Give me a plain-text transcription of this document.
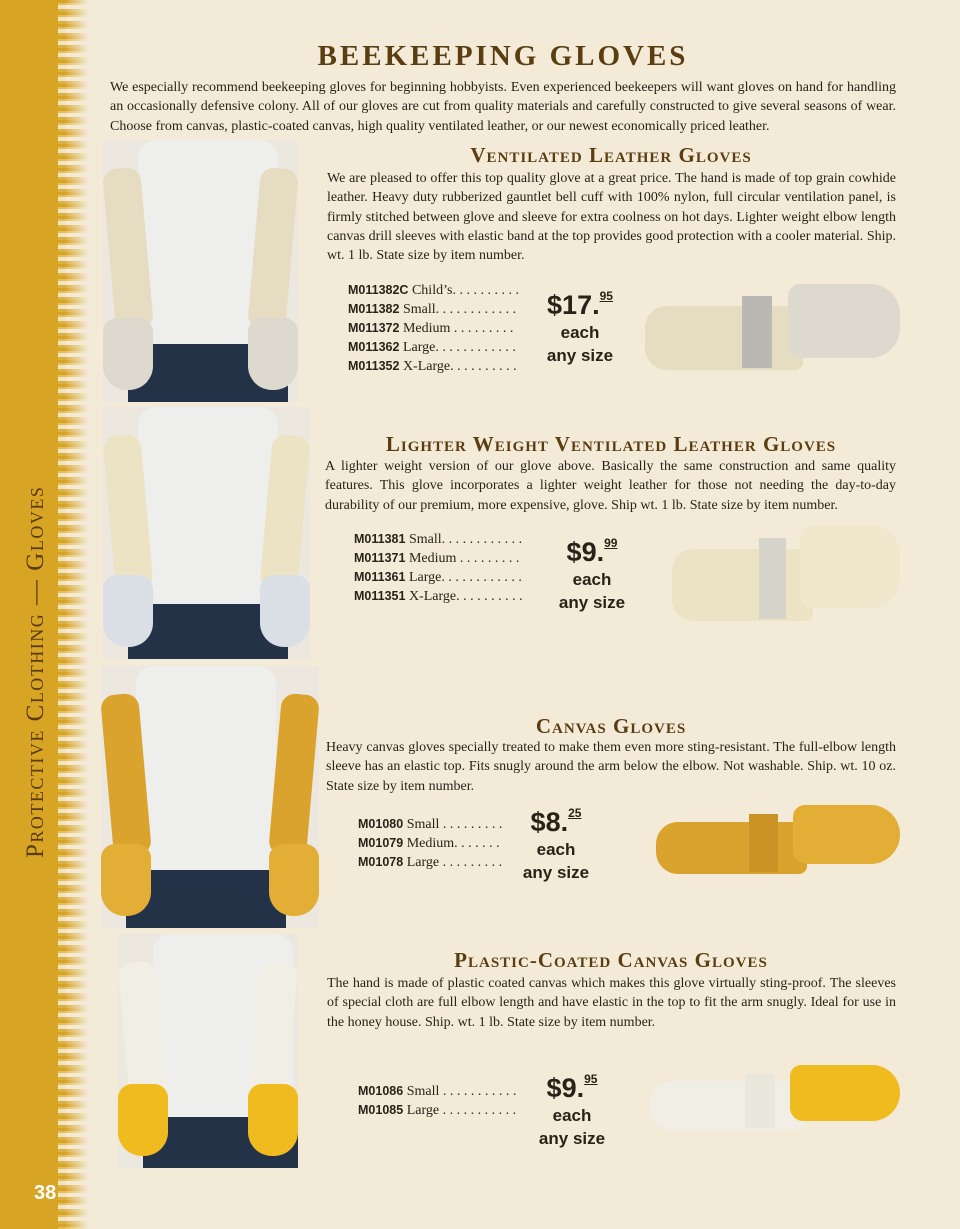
Protective Clothing — Gloves
38
BEEKEEPING GLOVES

We especially recommend beekeeping gloves for beginning hobbyists. Even experienced beekeepers will want gloves on hand for handling an occasionally defensive colony. All of our gloves are cut from quality materials and carefully constructed to give several seasons of wear. Choose from canvas, plastic-coated canvas, high quality ventilated leather, or our newest economically priced leather.

Ventilated Leather Gloves

We are pleased to offer this top quality glove at a great price. The hand is made of top grain cowhide leather. Heavy duty rubberized gauntlet bell cuff with 100% nylon, full circular ventilation panel, is firmly stitched between glove and sleeve for extra coolness on hot days. Lighter weight elbow length canvas drill sleeves with elastic band at the top provides good protection with a cooler material. Ship. wt. 1 lb. State size by item number.

M011382C Child’s. . . . . . . . . .
M011382 Small. . . . . . . . . . . .
M011372 Medium . . . . . . . . .
M011362 Large. . . . . . . . . . . .
M011352 X-Large. . . . . . . . . .
$17.95
each
any size
Lighter Weight Ventilated Leather Gloves

A lighter weight version of our glove above. Basically the same construction and same quality features. This glove incorporates a lighter weight leather for those not needing the day-to-day durability of our premium, more expensive, glove. Ship wt. 1 lb. State size by item number.

M011381 Small. . . . . . . . . . . .
M011371 Medium . . . . . . . . .
M011361 Large. . . . . . . . . . . .
M011351 X-Large. . . . . . . . . .
$9.99
each
any size
Canvas Gloves

Heavy canvas gloves specially treated to make them even more sting-resistant. The full-elbow length sleeve has an elastic top. Fits snugly around the arm below the elbow. Not washable. Ship. wt. 10 oz. State size by item number.

M01080 Small . . . . . . . . .
M01079 Medium. . . . . . .
M01078 Large . . . . . . . . .
$8.25
each
any size
Plastic-Coated Canvas Gloves

The hand is made of plastic coated canvas which makes this glove virtually sting-proof. The sleeves of special cloth are full elbow length and have elastic in the top to fit the arm snugly. Ideal for use in the honey house. Ship. wt. 1 lb. State size by item number.

M01086 Small . . . . . . . . . . .
M01085 Large . . . . . . . . . . .
$9.95
each
any size
